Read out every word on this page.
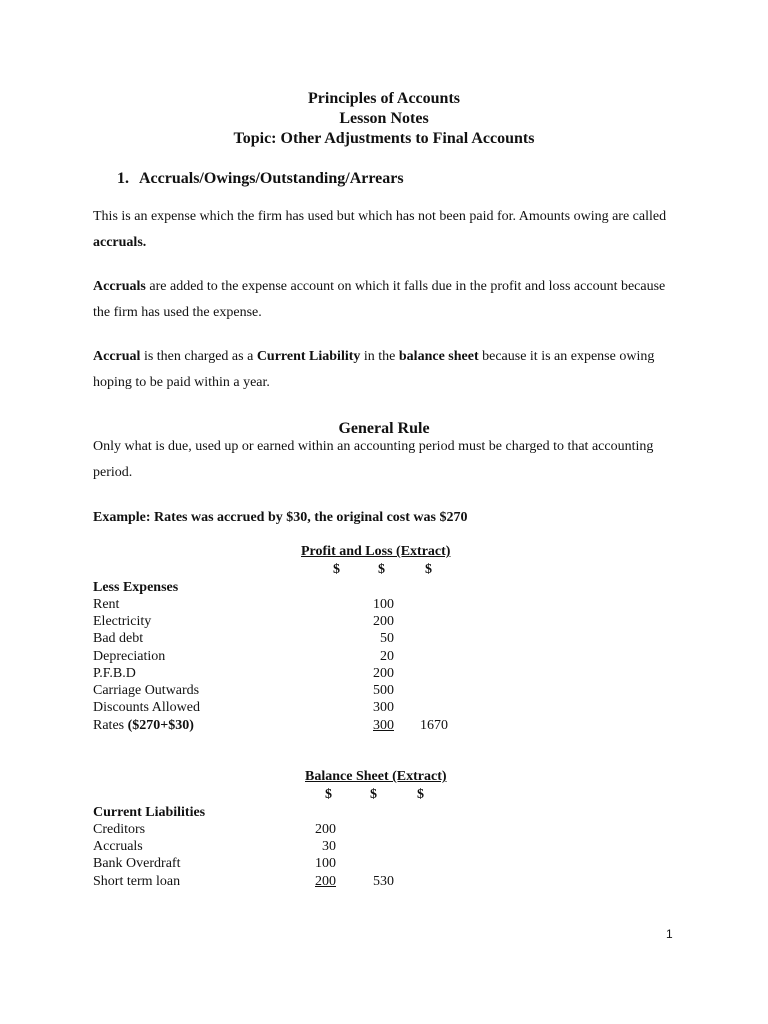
Principles of Accounts
Lesson Notes
Topic: Other Adjustments to Final Accounts
1. Accruals/Owings/Outstanding/Arrears
This is an expense which the firm has used but which has not been paid for. Amounts owing are called accruals.
Accruals are added to the expense account on which it falls due in the profit and loss account because the firm has used the expense.
Accrual is then charged as a Current Liability in the balance sheet because it is an expense owing hoping to be paid within a year.
General Rule
Only what is due, used up or earned within an accounting period must be charged to that accounting period.
Example: Rates was accrued by $30, the original cost was $270
Profit and Loss (Extract)
$	$	$
Less Expenses
Rent	100
Electricity	200
Bad debt	50
Depreciation	20
P.F.B.D	200
Carriage Outwards	500
Discounts Allowed	300
Rates ($270+$30)	300 1670
Balance Sheet (Extract)
$	$	$
Current Liabilities
Creditors	200
Accruals	30
Bank Overdraft	100
Short term loan	200	530
1
